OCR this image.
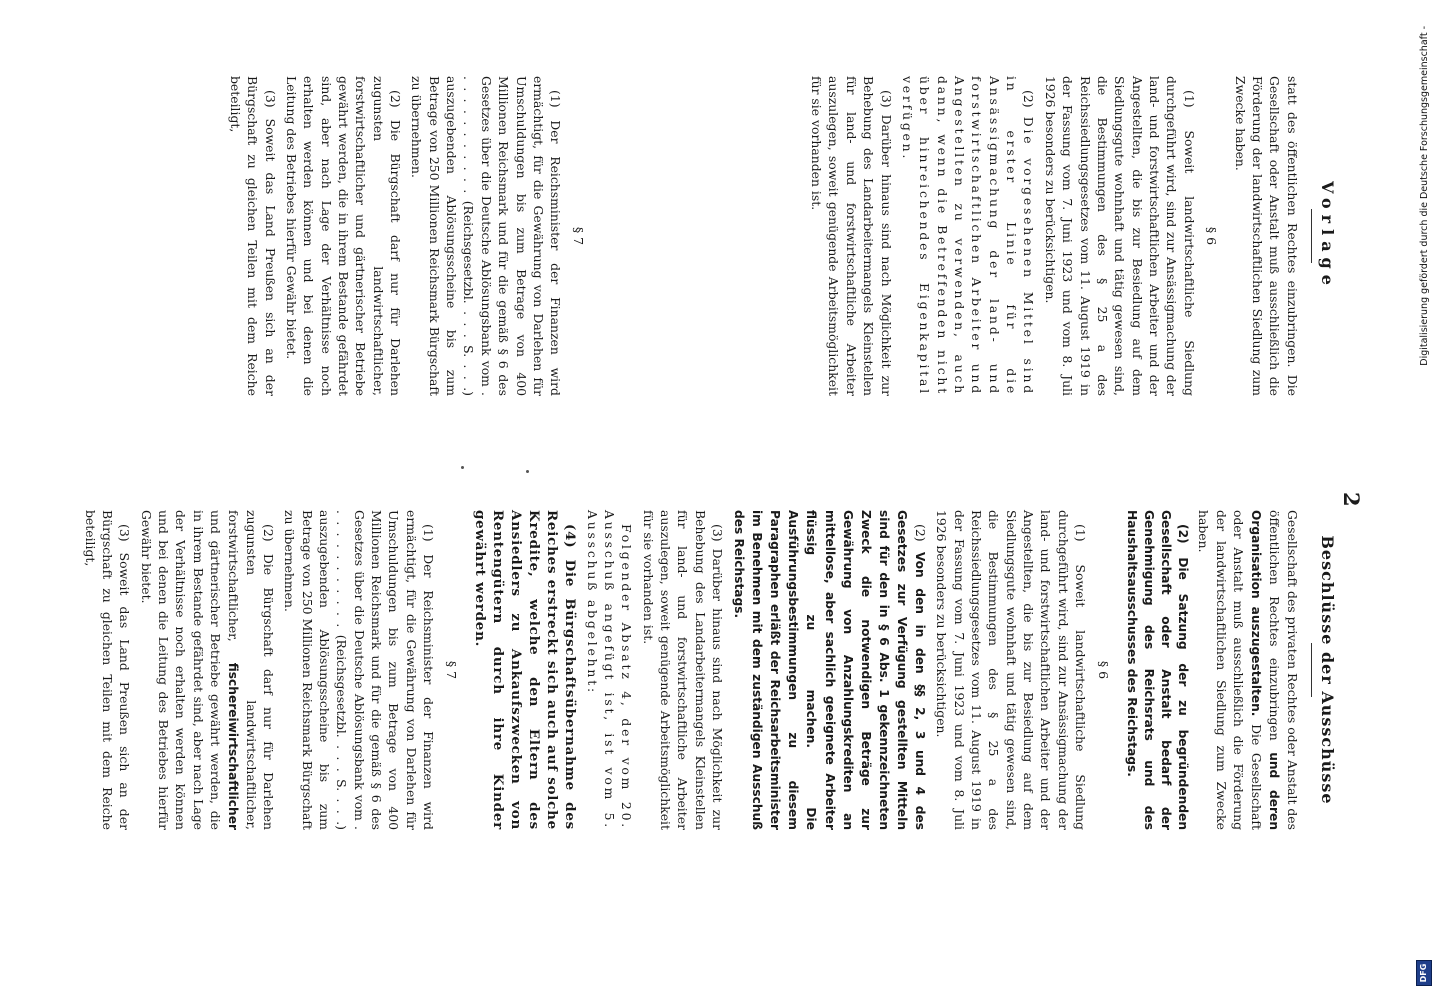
2
Vorlage

statt des öffentlichen Rechtes einzubringen. Die Gesellschaft oder Anstalt muß ausschließlich die Förderung der landwirtschaftlichen Siedlung zum Zwecke haben.

§ 6

(1) Soweit landwirtschaftliche Siedlung durchgeführt wird, sind zur Ansässigmachung der land- und forstwirtschaftlichen Arbeiter und der Angestellten, die bis zur Besiedlung auf dem Siedlungsgute wohnhaft und tätig gewesen sind, die Bestimmungen des § 25 a des Reichssiedlungsgesetzes vom 11. August 1919 in der Fassung vom 7. Juni 1923 und vom 8. Juli 1926 besonders zu berücksichtigen.

(2) Die vorgesehenen Mittel sind in erster Linie für die Ansässigmachung der land- und forstwirtschaftlichen Arbeiter und Angestellten zu verwenden, auch dann, wenn die Betreffenden nicht über hinreichendes Eigenkapital verfügen.

(3) Darüber hinaus sind nach Möglichkeit zur Behebung des Landarbeitermangels Kleinstellen für land- und forstwirtschaftliche Arbeiter auszulegen, soweit genügende Arbeitsmöglichkeit für sie vorhanden ist.

§ 7

(1) Der Reichsminister der Finanzen wird ermächtigt, für die Gewährung von Darlehen für Umschuldungen bis zum Betrage von 400 Millionen Reichsmark und für die gemäß § 6 des Gesetzes über die Deutsche Ablösungsbank vom . . . . . . . . . . . . (Reichsgesetzbl. . . . S. . . .) auszugebenden Ablösungsscheine bis zum Betrage von 250 Millionen Reichsmark Bürgschaft zu übernehmen.

(2) Die Bürgschaft darf nur für Darlehen zugunsten landwirtschaftlicher, forstwirtschaftlicher und gärtnerischer Betriebe gewährt werden, die in ihrem Bestande gefährdet sind, aber nach Lage der Verhältnisse noch erhalten werden können und bei denen die Leitung des Betriebes hierfür Gewähr bietet.

(3) Soweit das Land Preußen sich an der Bürgschaft zu gleichen Teilen mit dem Reiche beteiligt,

Beschlüsse der Ausschüsse

Gesellschaft des privaten Rechtes oder Anstalt des öffentlichen Rechtes einzubringen und deren Organisation auszugestalten. Die Gesellschaft oder Anstalt muß ausschließlich die Förderung der landwirtschaftlichen Siedlung zum Zwecke haben.

(2) Die Satzung der zu begründenden Gesellschaft oder Anstalt bedarf der Genehmigung des Reichsrats und des Haushaltsausschusses des Reichstags.

§ 6

(1) Soweit landwirtschaftliche Siedlung durchgeführt wird, sind zur Ansässigmachung der land- und forstwirtschaftlichen Arbeiter und der Angestellten, die bis zur Besiedlung auf dem Siedlungsgute wohnhaft und tätig gewesen sind, die Bestimmungen des § 25 a des Reichssiedlungsgesetzes vom 11. August 1919 in der Fassung vom 7. Juni 1923 und vom 8. Juli 1926 besonders zu berücksichtigen.

(2) Von den in den §§ 2, 3 und 4 des Gesetzes zur Verfügung gestellten Mitteln sind für den in § 6 Abs. 1 gekennzeichneten Zweck die notwendigen Beträge zur Gewährung von Anzahlungskrediten an mittellose, aber sachlich geeignete Arbeiter flüssig zu machen. Die Ausführungsbestimmungen zu diesem Paragraphen erläßt der Reichsarbeitsminister im Benehmen mit dem zuständigen Ausschuß des Reichstags.

(3) Darüber hinaus sind nach Möglichkeit zur Behebung des Landarbeitermangels Kleinstellen für land- und forstwirtschaftliche Arbeiter auszulegen, soweit genügende Arbeitsmöglichkeit für sie vorhanden ist.

Folgender Absatz 4, der vom 20. Ausschuß angefügt ist, ist vom 5. Ausschuß abgelehnt:

(4) Die Bürgschaftsübernahme des Reiches erstreckt sich auch auf solche Kredite, welche den Eltern des Ansiedlers zu Ankaufszwecken von Rentengütern durch ihre Kinder gewährt werden.

§ 7

(1) Der Reichsminister der Finanzen wird ermächtigt, für die Gewährung von Darlehen für Umschuldungen bis zum Betrage von 400 Millionen Reichsmark und für die gemäß § 6 des Gesetzes über die Deutsche Ablösungsbank vom . . . . . . . . . . . . (Reichsgesetzbl. . . . S. . . .) auszugebenden Ablösungsscheine bis zum Betrage von 250 Millionen Reichsmark Bürgschaft zu übernehmen.

(2) Die Bürgschaft darf nur für Darlehen zugunsten landwirtschaftlicher, forstwirtschaftlicher, fischereiwirtschaftlicher und gärtnerischer Betriebe gewährt werden, die in ihrem Bestande gefährdet sind, aber nach Lage der Verhältnisse noch erhalten werden können und bei denen die Leitung des Betriebes hierfür Gewähr bietet.

(3) Soweit das Land Preußen sich an der Bürgschaft zu gleichen Teilen mit dem Reiche beteiligt,

DFG
Digitalisierung gefördert durch die Deutsche Forschungsgemeinschaft -
